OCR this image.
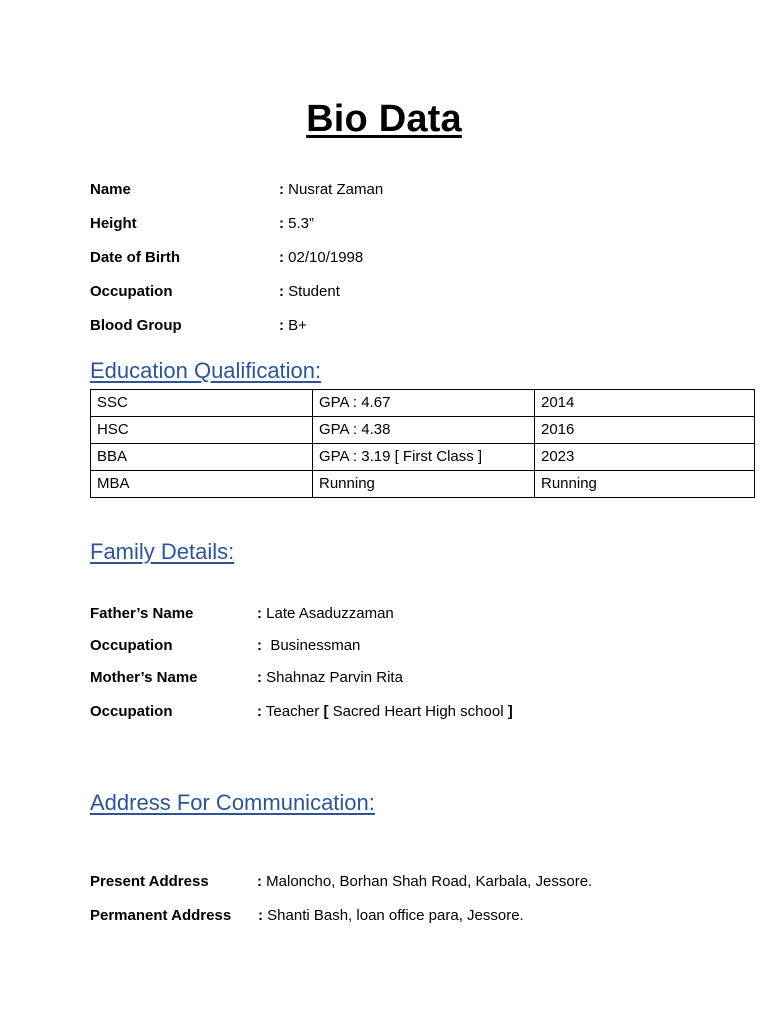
Bio Data
Name	: Nusrat Zaman
Height	: 5.3”
Date of Birth	: 02/10/1998
Occupation	: Student
Blood Group	: B+
Education Qualification:
SSC	GPA : 4.67	2014
HSC	GPA : 4.38	2016
BBA	GPA : 3.19 [ First Class ]	2023
MBA	Running	Running
Family Details:
Father’s Name	: Late Asaduzzaman
Occupation	:  Businessman
Mother’s Name	: Shahnaz Parvin Rita
Occupation	: Teacher [ Sacred Heart High school ]
Address For Communication:
Present Address	: Maloncho, Borhan Shah Road, Karbala, Jessore.
Permanent Address : Shanti Bash, loan office para, Jessore.
